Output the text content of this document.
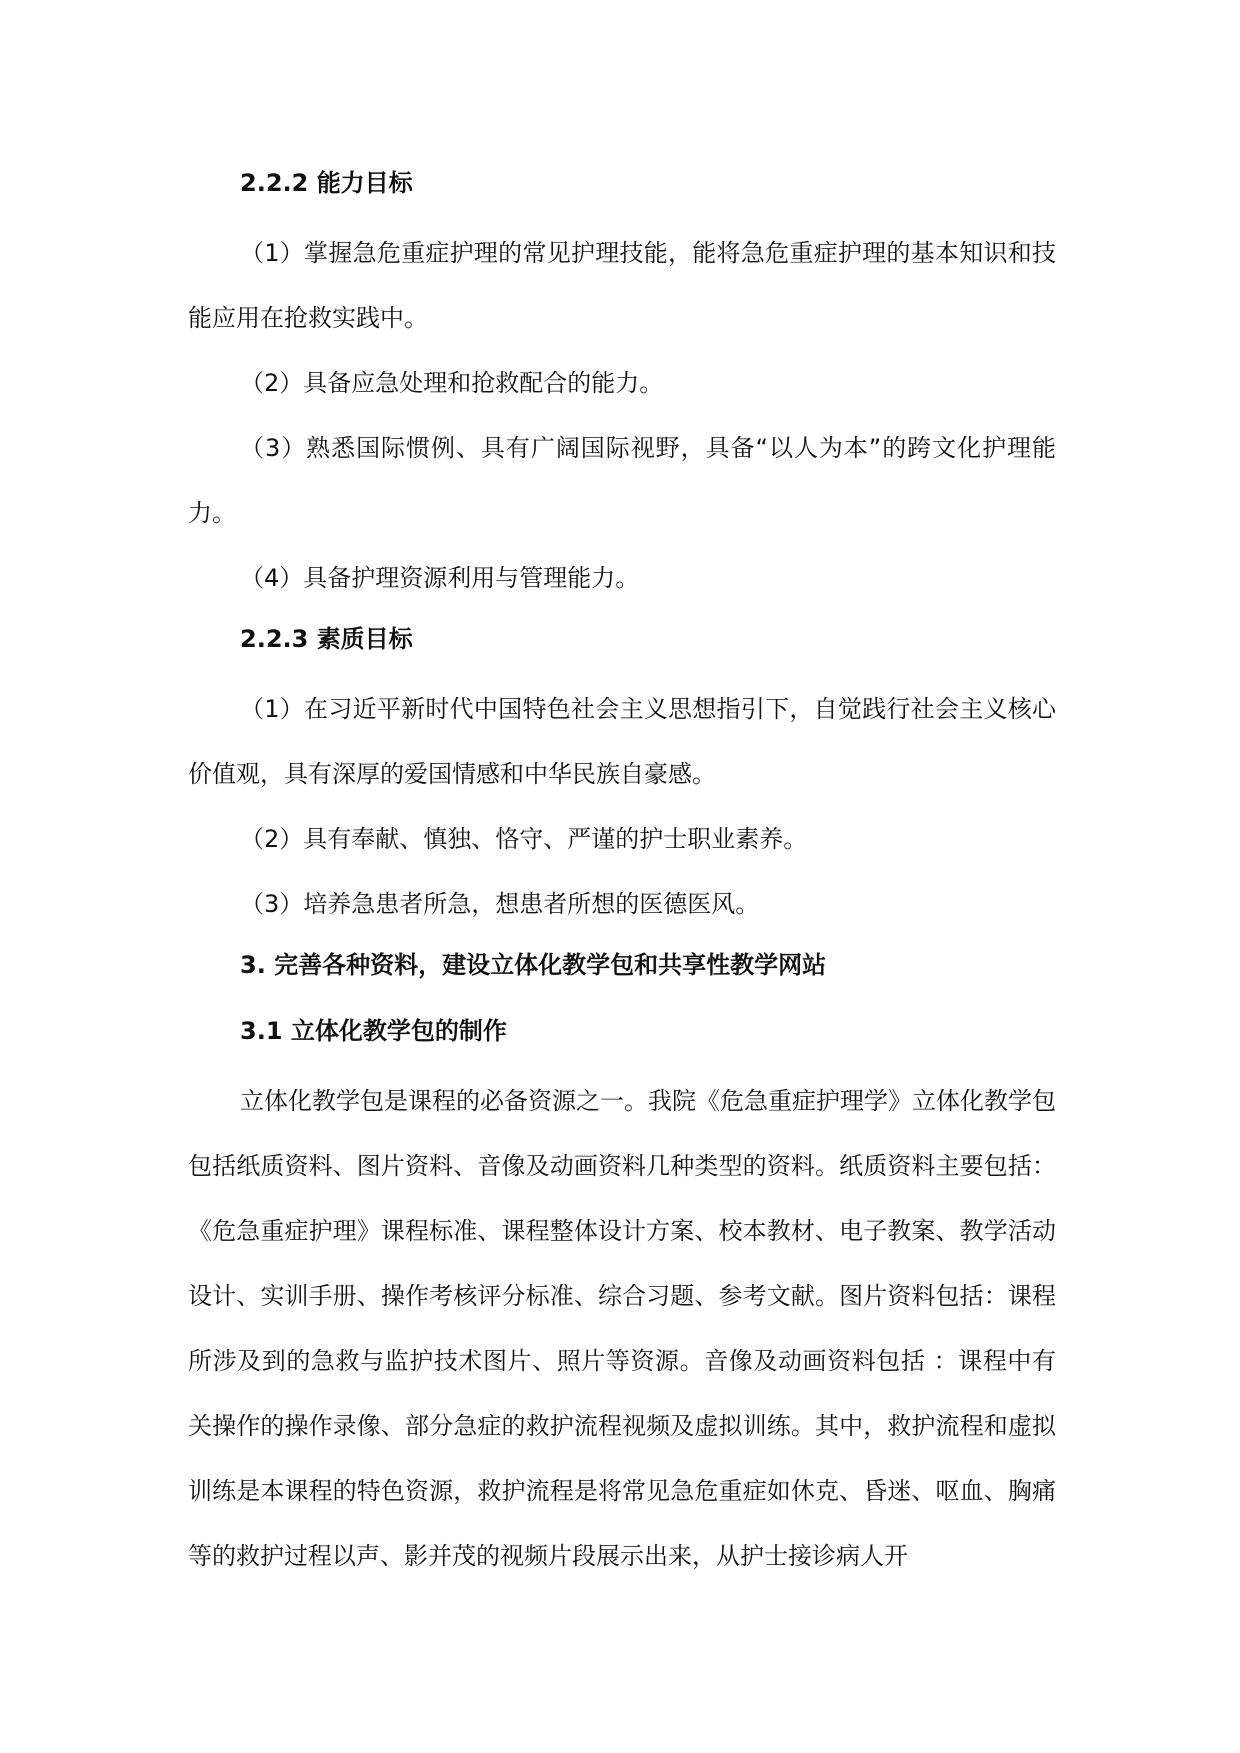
2.2.2 能力目标

（1）掌握急危重症护理的常见护理技能，能将急危重症护理的基本知识和技能应用在抢救实践中。

（2）具备应急处理和抢救配合的能力。

（3）熟悉国际惯例、具有广阔国际视野，具备“以人为本”的跨文化护理能力。

（4）具备护理资源利用与管理能力。

2.2.3 素质目标

（1）在习近平新时代中国特色社会主义思想指引下，自觉践行社会主义核心价值观，具有深厚的爱国情感和中华民族自豪感。

（2）具有奉献、慎独、恪守、严谨的护士职业素养。

（3）培养急患者所急，想患者所想的医德医风。

3. 完善各种资料，建设立体化教学包和共享性教学网站
3.1 立体化教学包的制作

立体化教学包是课程的必备资源之一。我院《危急重症护理学》立体化教学包包括纸质资料、图片资料、音像及动画资料几种类型的资料。纸质资料主要包括：《危急重症护理》课程标准、课程整体设计方案、校本教材、电子教案、教学活动设计、实训手册、操作考核评分标准、综合习题、参考文献。图片资料包括：课程所涉及到的急救与监护技术图片、照片等资源。音像及动画资料包括 ：课程中有关操作的操作录像、部分急症的救护流程视频及虚拟训练。其中，救护流程和虚拟训练是本课程的特色资源，救护流程是将常见急危重症如休克、昏迷、呕血、胸痛等的救护过程以声、影并茂的视频片段展示出来，从护士接诊病人开
